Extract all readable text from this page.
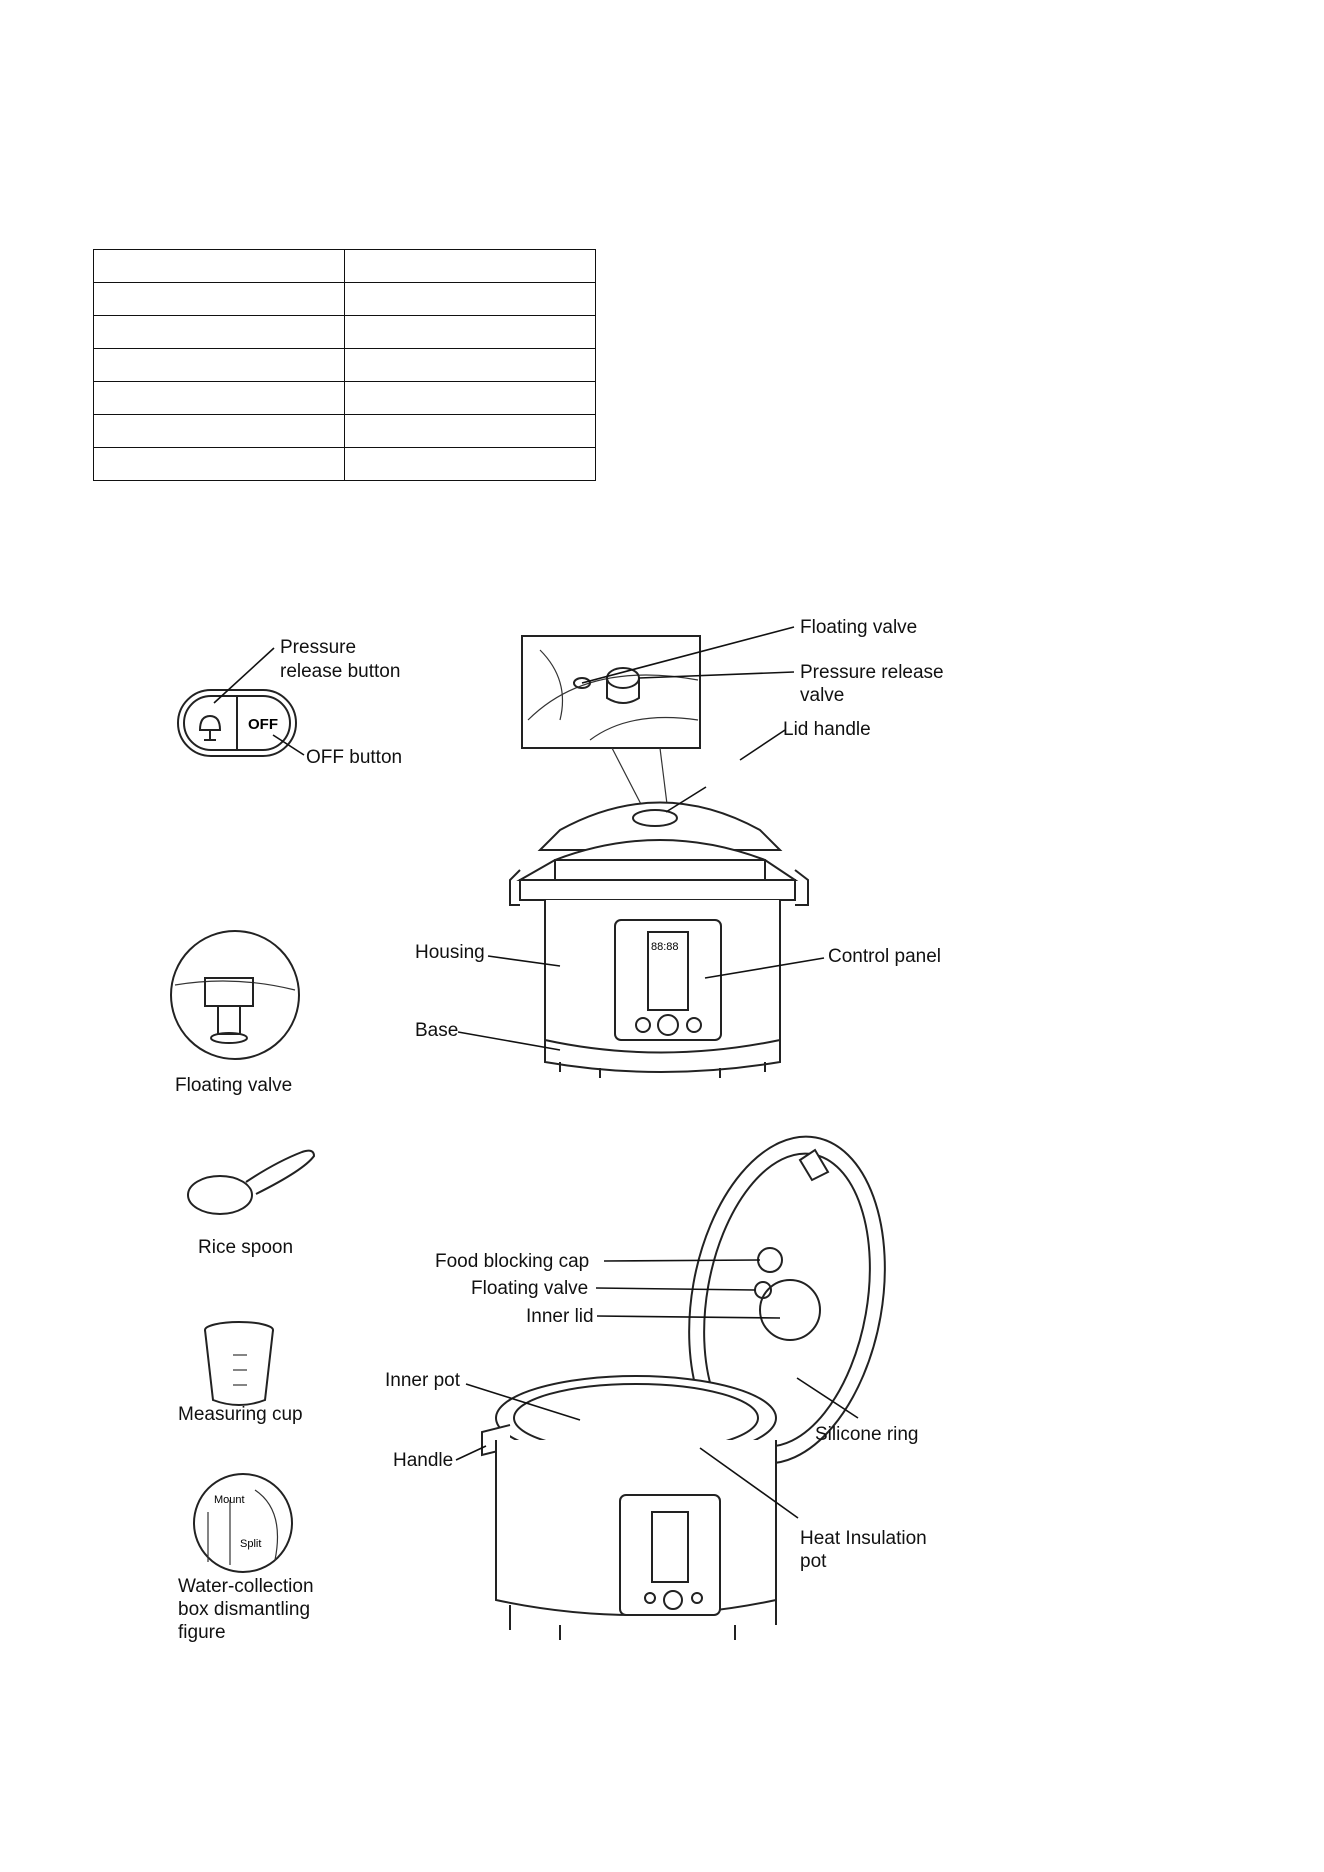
OFF
Pressure release button
OFF button
Floating valve
Pressure release valve
88:88
Lid handle
Housing	Control panel
Base
Floating valve
Rice spoon
Measuring cup
Mount
Split
Water-collection box dismantling figure
Food blocking cap
Floating valve
Inner lid
Inner pot
Handle
Silicone ring
Heat Insulation pot
